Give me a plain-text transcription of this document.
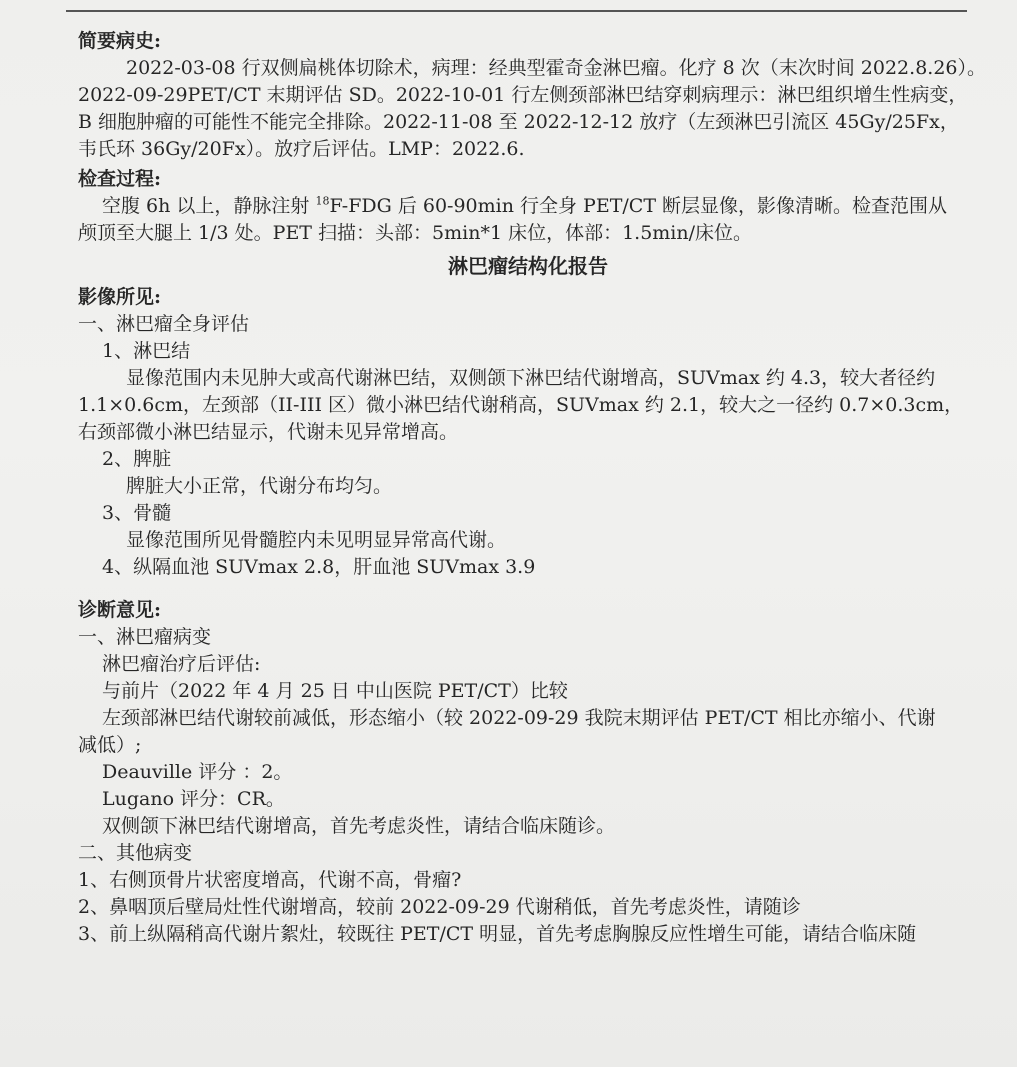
简要病史:

2022-03-08 行双侧扁桃体切除术，病理：经典型霍奇金淋巴瘤。化疗 8 次（末次时间 2022.8.26）。

2022-09-29PET/CT 末期评估 SD。2022-10-01 行左侧颈部淋巴结穿刺病理示：淋巴组织增生性病变，

B 细胞肿瘤的可能性不能完全排除。2022-11-08 至 2022-12-12 放疗（左颈淋巴引流区 45Gy/25Fx，

韦氏环 36Gy/20Fx）。放疗后评估。LMP：2022.6.

检查过程:

空腹 6h 以上，静脉注射 $^{18}$F-FDG 后 60-90min 行全身 PET/CT 断层显像，影像清晰。检查范围从

颅顶至大腿上 1/3 处。PET 扫描：头部：5min*1 床位，体部：1.5min/床位。

淋巴瘤结构化报告

影像所见:

一、淋巴瘤全身评估

1、淋巴结

显像范围内未见肿大或高代谢淋巴结，双侧颌下淋巴结代谢增高，SUVmax 约 4.3，较大者径约

1.1×0.6cm，左颈部（II-III 区）微小淋巴结代谢稍高，SUVmax 约 2.1，较大之一径约 0.7×0.3cm，

右颈部微小淋巴结显示，代谢未见异常增高。

2、脾脏

脾脏大小正常，代谢分布均匀。

3、骨髓

显像范围所见骨髓腔内未见明显异常高代谢。

4、纵隔血池 SUVmax 2.8，肝血池 SUVmax 3.9

诊断意见:

一、淋巴瘤病变

淋巴瘤治疗后评估:

与前片（2022 年 4 月 25 日 中山医院 PET/CT）比较

左颈部淋巴结代谢较前减低，形态缩小（较 2022-09-29 我院末期评估 PET/CT 相比亦缩小、代谢

减低）;

Deauville 评分 ：2。

Lugano 评分：CR。

双侧颌下淋巴结代谢增高，首先考虑炎性，请结合临床随诊。

二、其他病变

1、右侧顶骨片状密度增高，代谢不高，骨瘤?

2、鼻咽顶后壁局灶性代谢增高，较前 2022-09-29 代谢稍低，首先考虑炎性，请随诊

3、前上纵隔稍高代谢片絮灶，较既往 PET/CT 明显，首先考虑胸腺反应性增生可能，请结合临床随
